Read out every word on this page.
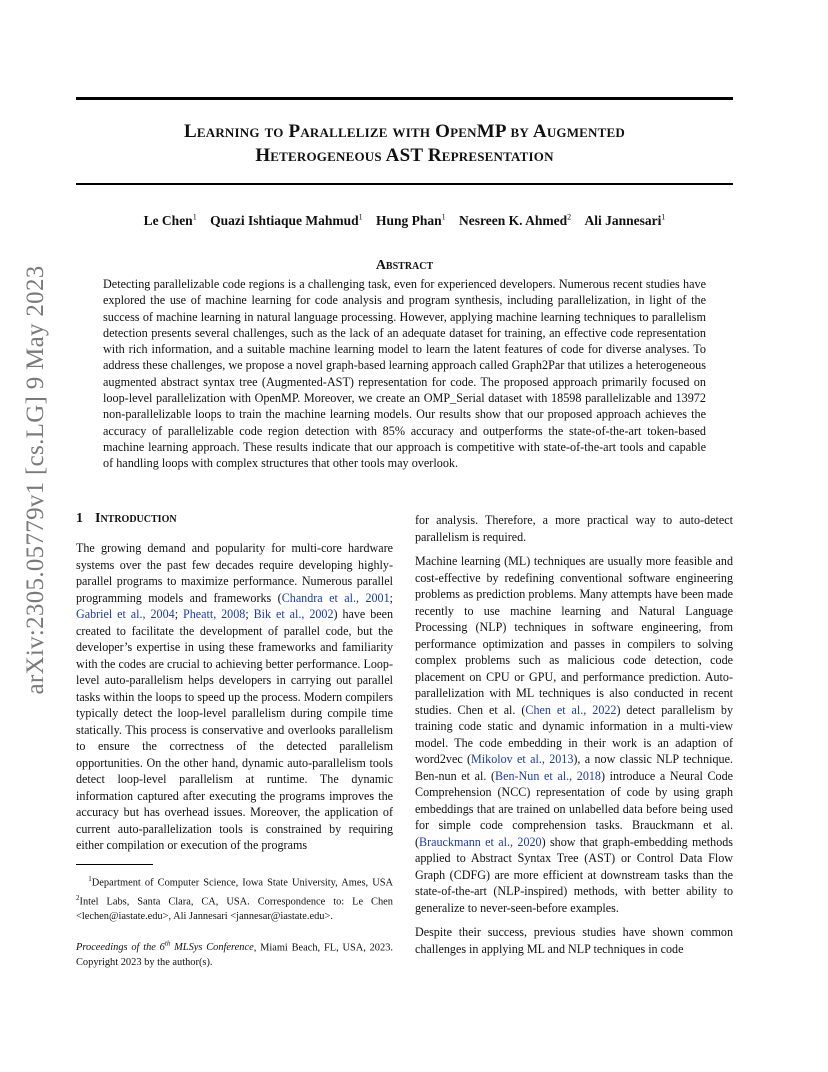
Learning to Parallelize with OpenMP by Augmented
Heterogeneous AST Representation
Le Chen$^1$ Quazi Ishtiaque Mahmud$^1$ Hung Phan$^1$ Nesreen K. Ahmed$^2$ Ali Jannesari$^1$
Abstract
Detecting parallelizable code regions is a challenging task, even for experienced developers. Numerous recent studies have explored the use of machine learning for code analysis and program synthesis, including parallelization, in light of the success of machine learning in natural language processing. However, applying machine learning techniques to parallelism detection presents several challenges, such as the lack of an adequate dataset for training, an effective code representation with rich information, and a suitable machine learning model to learn the latent features of code for diverse analyses. To address these challenges, we propose a novel graph-based learning approach called Graph2Par that utilizes a heterogeneous augmented abstract syntax tree (Augmented-AST) representation for code. The proposed approach primarily focused on loop-level parallelization with OpenMP. Moreover, we create an OMP_Serial dataset with 18598 parallelizable and 13972 non-parallelizable loops to train the machine learning models. Our results show that our proposed approach achieves the accuracy of parallelizable code region detection with 85% accuracy and outperforms the state-of-the-art token-based machine learning approach. These results indicate that our approach is competitive with state-of-the-art tools and capable of handling loops with complex structures that other tools may overlook.
arXiv:2305.05779v1 [cs.LG] 9 May 2023 1 Introduction

The growing demand and popularity for multi-core hardware systems over the past few decades require developing highly-parallel programs to maximize performance. Numerous parallel programming models and frameworks (Chandra et al., 2001; Gabriel et al., 2004; Pheatt, 2008; Bik et al., 2002) have been created to facilitate the development of parallel code, but the developer’s expertise in using these frameworks and familiarity with the codes are crucial to achieving better performance. Loop-level auto-parallelism helps developers in carrying out parallel tasks within the loops to speed up the process. Modern compilers typically detect the loop-level parallelism during compile time statically. This process is conservative and overlooks parallelism to ensure the correctness of the detected parallelism opportunities. On the other hand, dynamic auto-parallelism tools detect loop-level parallelism at runtime. The dynamic information captured after executing the programs improves the accuracy but has overhead issues. Moreover, the application of current auto-parallelization tools is constrained by requiring either compilation or execution of the programs

$^1$Department of Computer Science, Iowa State University, Ames, USA $^2$Intel Labs, Santa Clara, CA, USA. Correspondence to: Le Chen <lechen@iastate.edu>, Ali Jannesari <jannesar@iastate.edu>.

Proceedings of the 6th MLSys Conference, Miami Beach, FL, USA, 2023. Copyright 2023 by the author(s).

for analysis. Therefore, a more practical way to auto-detect parallelism is required.

Machine learning (ML) techniques are usually more feasible and cost-effective by redefining conventional software engineering problems as prediction problems. Many attempts have been made recently to use machine learning and Natural Language Processing (NLP) techniques in software engineering, from performance optimization and passes in compilers to solving complex problems such as malicious code detection, code placement on CPU or GPU, and performance prediction. Auto-parallelization with ML techniques is also conducted in recent studies. Chen et al. (Chen et al., 2022) detect parallelism by training code static and dynamic information in a multi-view model. The code embedding in their work is an adaption of word2vec (Mikolov et al., 2013), a now classic NLP technique. Ben-nun et al. (Ben-Nun et al., 2018) introduce a Neural Code Comprehension (NCC) representation of code by using graph embeddings that are trained on unlabelled data before being used for simple code comprehension tasks. Brauckmann et al. (Brauckmann et al., 2020) show that graph-embedding methods applied to Abstract Syntax Tree (AST) or Control Data Flow Graph (CDFG) are more efficient at downstream tasks than the state-of-the-art (NLP-inspired) methods, with better ability to generalize to never-seen-before examples.

Despite their success, previous studies have shown common challenges in applying ML and NLP techniques in code
